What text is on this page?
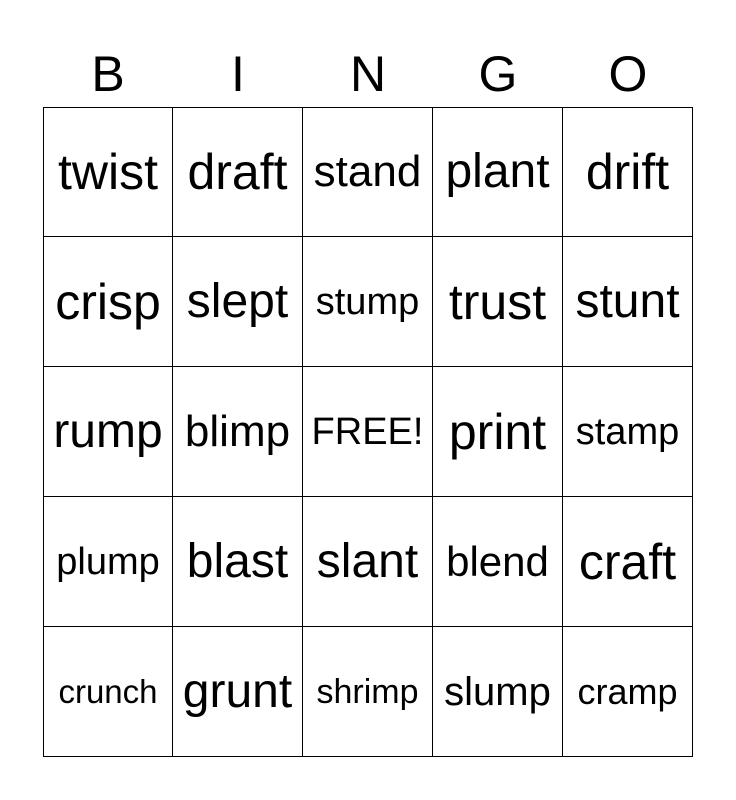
B	I	N	G	O
twist draft stand plant drift
crisp slept stump trust stunt
rump blimp FREE! print stamp
plump blast slant blend craft
crunch grunt shrimp slump cramp
